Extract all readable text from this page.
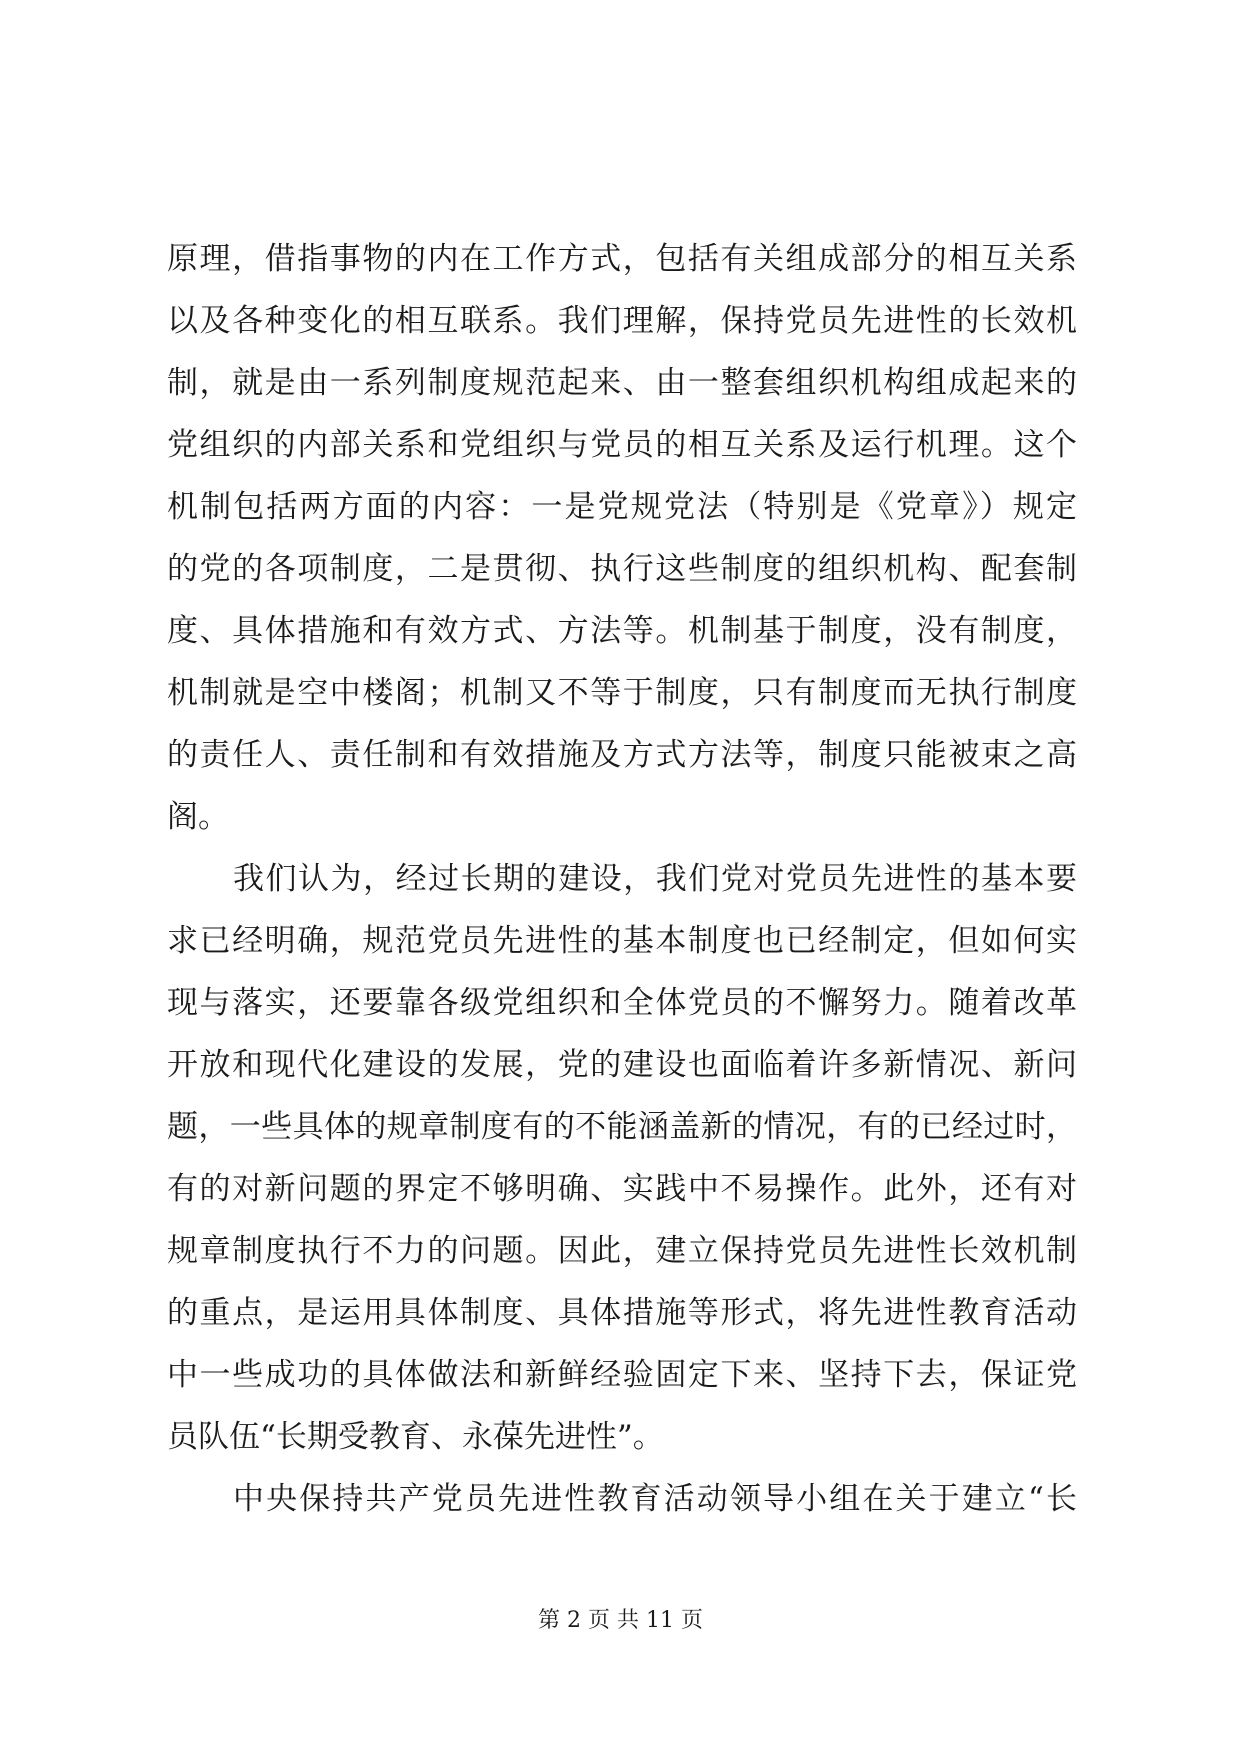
原理，借指事物的内在工作方式，包括有关组成部分的相互关系
以及各种变化的相互联系。我们理解，保持党员先进性的长效机
制，就是由一系列制度规范起来、由一整套组织机构组成起来的
党组织的内部关系和党组织与党员的相互关系及运行机理。这个
机制包括两方面的内容：一是党规党法（特别是《党章》）规定
的党的各项制度，二是贯彻、执行这些制度的组织机构、配套制
度、具体措施和有效方式、方法等。机制基于制度，没有制度，
机制就是空中楼阁；机制又不等于制度，只有制度而无执行制度
的责任人、责任制和有效措施及方式方法等，制度只能被束之高
阁。
我们认为，经过长期的建设，我们党对党员先进性的基本要
求已经明确，规范党员先进性的基本制度也已经制定，但如何实
现与落实，还要靠各级党组织和全体党员的不懈努力。随着改革
开放和现代化建设的发展，党的建设也面临着许多新情况、新问
题，一些具体的规章制度有的不能涵盖新的情况，有的已经过时，
有的对新问题的界定不够明确、实践中不易操作。此外，还有对
规章制度执行不力的问题。因此，建立保持党员先进性长效机制
的重点，是运用具体制度、具体措施等形式，将先进性教育活动
中一些成功的具体做法和新鲜经验固定下来、坚持下去，保证党
员队伍“长期受教育、永葆先进性”。
中央保持共产党员先进性教育活动领导小组在关于建立“长
第 2 页 共 11 页
